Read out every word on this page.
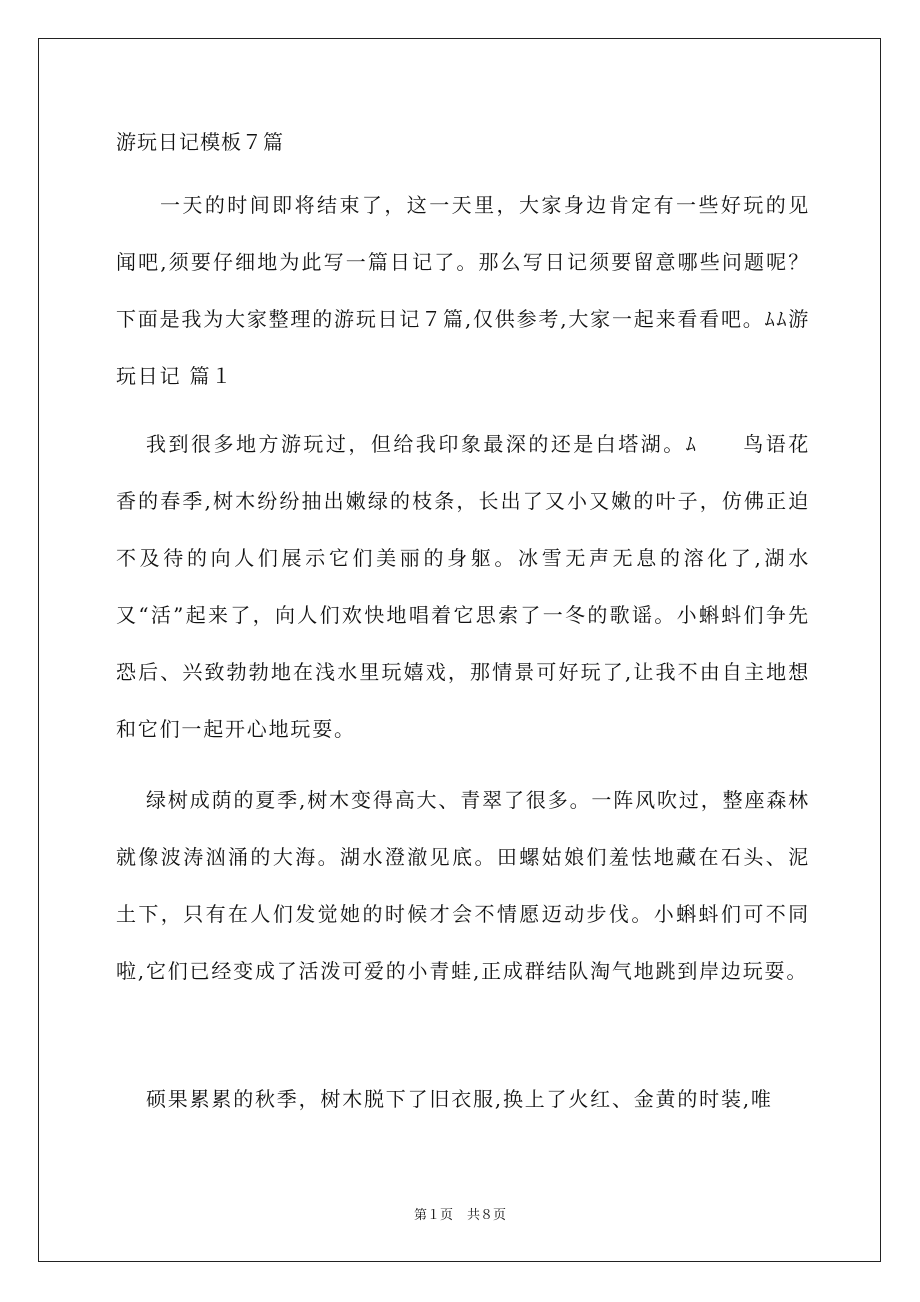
游玩日记模板７篇

一天的时间即将结束了，这一天里，大家身边肯定有一些好玩的见闻吧,须要仔细地为此写一篇日记了。那么写日记须要留意哪些问题呢？下面是我为大家整理的游玩日记７篇,仅供参考,大家一起来看看吧。ﾑﾑ游玩日记 篇１

我到很多地方游玩过，但给我印象最深的还是白塔湖。ﾑ　　鸟语花香的春季,树木纷纷抽出嫩绿的枝条，长出了又小又嫩的叶子，仿佛正迫不及待的向人们展示它们美丽的身躯。冰雪无声无息的溶化了,湖水又“活”起来了，向人们欢快地唱着它思索了一冬的歌谣。小蝌蚪们争先恐后、兴致勃勃地在浅水里玩嬉戏，那情景可好玩了,让我不由自主地想和它们一起开心地玩耍。

绿树成荫的夏季,树木变得高大、青翠了很多。一阵风吹过，整座森林就像波涛汹涌的大海。湖水澄澈见底。田螺姑娘们羞怯地藏在石头、泥土下，只有在人们发觉她的时候才会不情愿迈动步伐。小蝌蚪们可不同啦,它们已经变成了活泼可爱的小青蛙,正成群结队淘气地跳到岸边玩耍。

硕果累累的秋季，树木脱下了旧衣服,换上了火红、金黄的时装,唯

第１页 共８页
